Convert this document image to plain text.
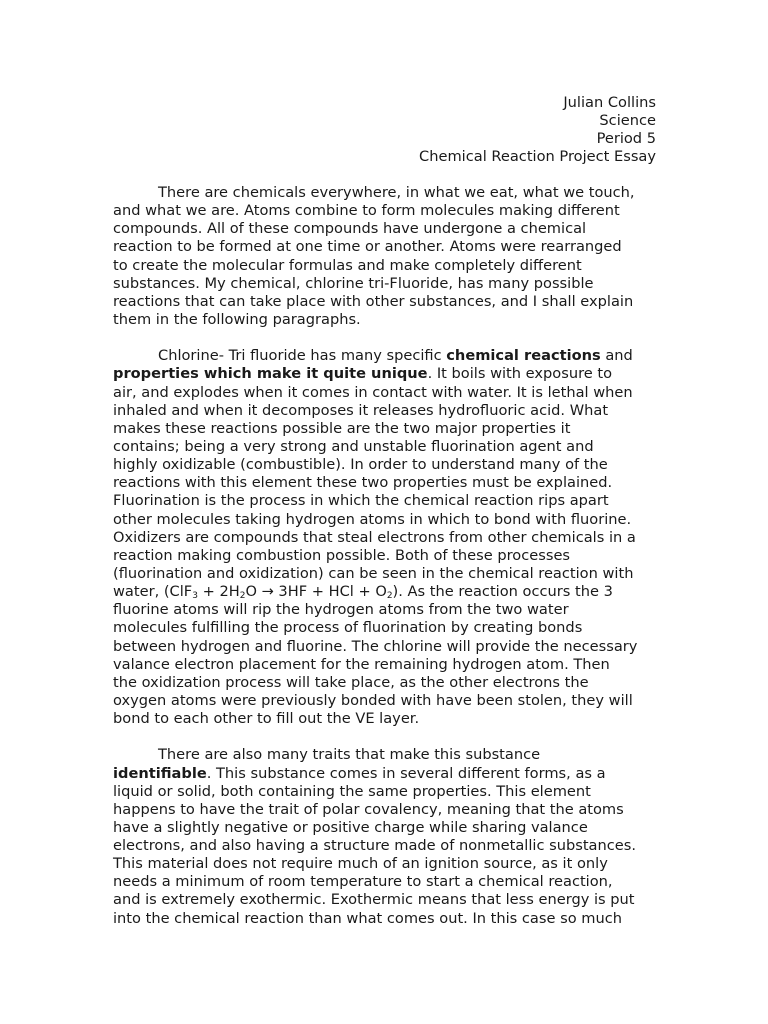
Julian Collins
Science
Period 5
Chemical Reaction Project Essay
There are chemicals everywhere, in what we eat, what we touch,
and what we are. Atoms combine to form molecules making different
compounds. All of these compounds have undergone a chemical
reaction to be formed at one time or another. Atoms were rearranged
to create the molecular formulas and make completely different
substances. My chemical, chlorine tri-Fluoride, has many possible
reactions that can take place with other substances, and I shall explain
them in the following paragraphs.
Chlorine- Tri fluoride has many specific chemical reactions and
properties which make it quite unique. It boils with exposure to
air, and explodes when it comes in contact with water. It is lethal when
inhaled and when it decomposes it releases hydrofluoric acid. What
makes these reactions possible are the two major properties it
contains; being a very strong and unstable fluorination agent and
highly oxidizable (combustible). In order to understand many of the
reactions with this element these two properties must be explained.
Fluorination is the process in which the chemical reaction rips apart
other molecules taking hydrogen atoms in which to bond with fluorine.
Oxidizers are compounds that steal electrons from other chemicals in a
reaction making combustion possible. Both of these processes
(fluorination and oxidization) can be seen in the chemical reaction with
water, ($ClF_3 + 2H_2O \to 3HF$ + HCl + $O_2$). As the reaction occurs the 3
fluorine atoms will rip the hydrogen atoms from the two water
molecules fulfilling the process of fluorination by creating bonds
between hydrogen and fluorine. The chlorine will provide the necessary
valance electron placement for the remaining hydrogen atom. Then
the oxidization process will take place, as the other electrons the
oxygen atoms were previously bonded with have been stolen, they will
bond to each other to fill out the VE layer.
There are also many traits that make this substance
identifiable. This substance comes in several different forms, as a
liquid or solid, both containing the same properties. This element
happens to have the trait of polar covalency, meaning that the atoms
have a slightly negative or positive charge while sharing valance
electrons, and also having a structure made of nonmetallic substances.
This material does not require much of an ignition source, as it only
needs a minimum of room temperature to start a chemical reaction,
and is extremely exothermic. Exothermic means that less energy is put
into the chemical reaction than what comes out. In this case so much
